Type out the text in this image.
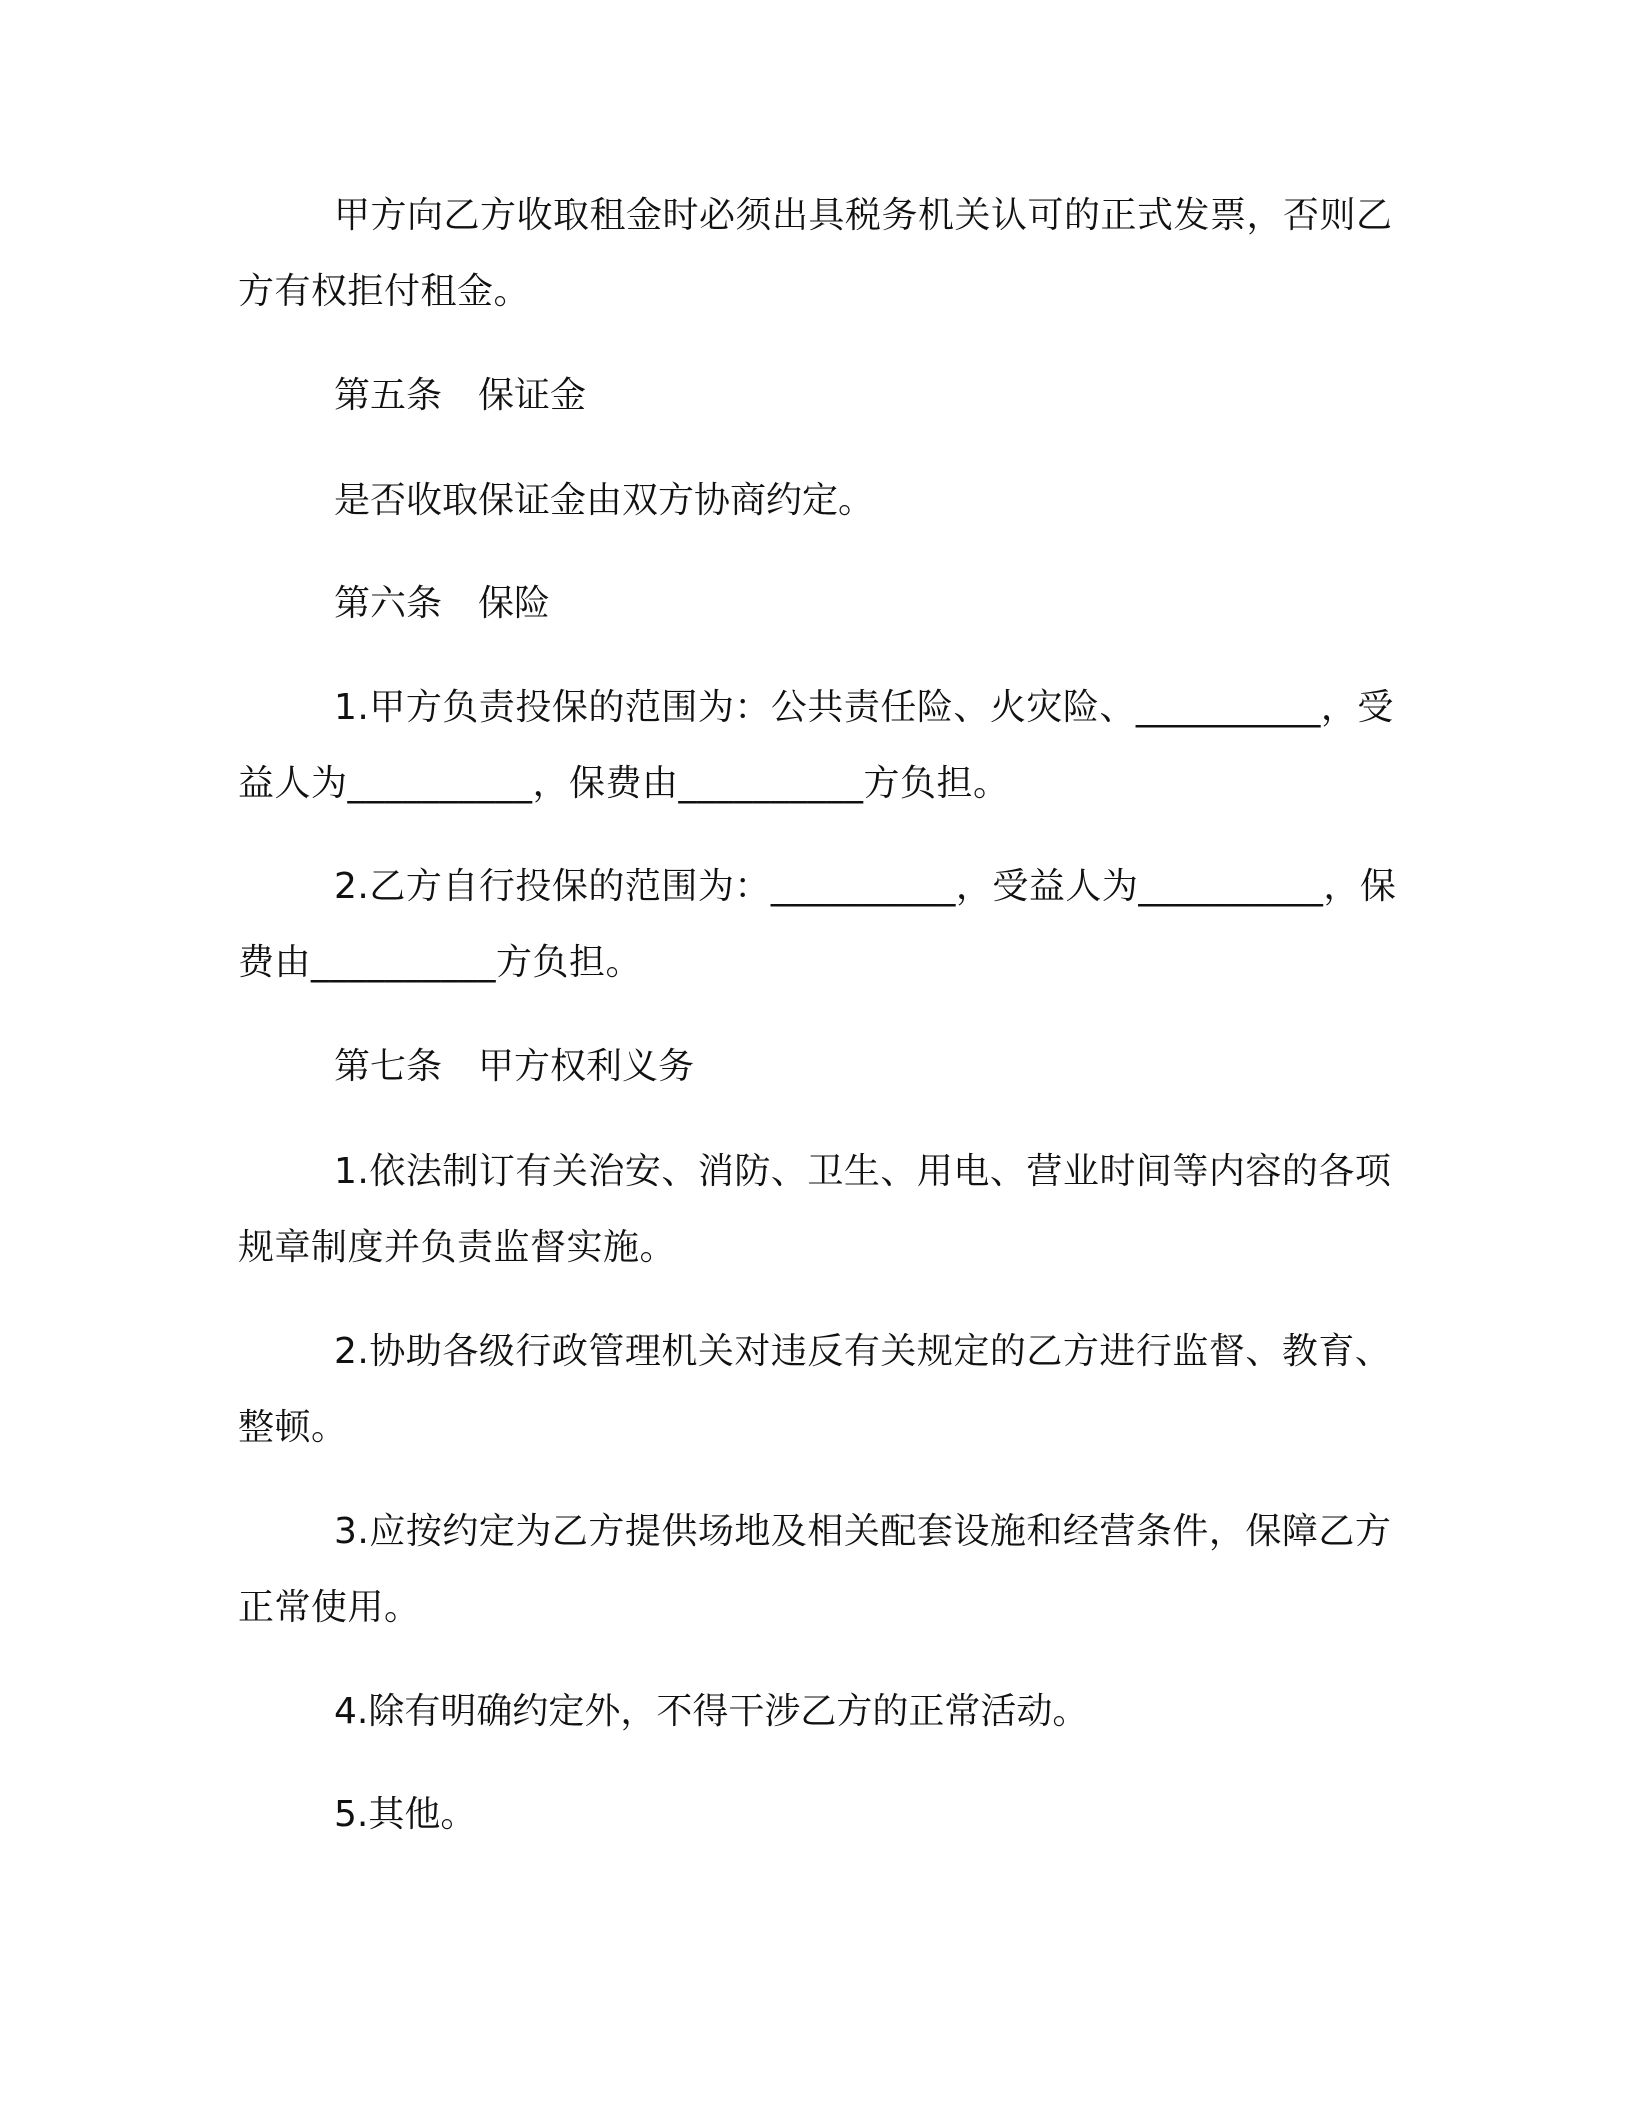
甲方向乙方收取租金时必须出具税务机关认可的正式发票，否则乙方有权拒付租金。

第五条　保证金

是否收取保证金由双方协商约定。

第六条　保险

1.甲方负责投保的范围为：公共责任险、火灾险、__________，受益人为__________，保费由__________方负担。

2.乙方自行投保的范围为：__________，受益人为__________，保费由__________方负担。

第七条　甲方权利义务

1.依法制订有关治安、消防、卫生、用电、营业时间等内容的各项规章制度并负责监督实施。

2.协助各级行政管理机关对违反有关规定的乙方进行监督、教育、整顿。

3.应按约定为乙方提供场地及相关配套设施和经营条件，保障乙方正常使用。

4.除有明确约定外，不得干涉乙方的正常活动。

5.其他。
